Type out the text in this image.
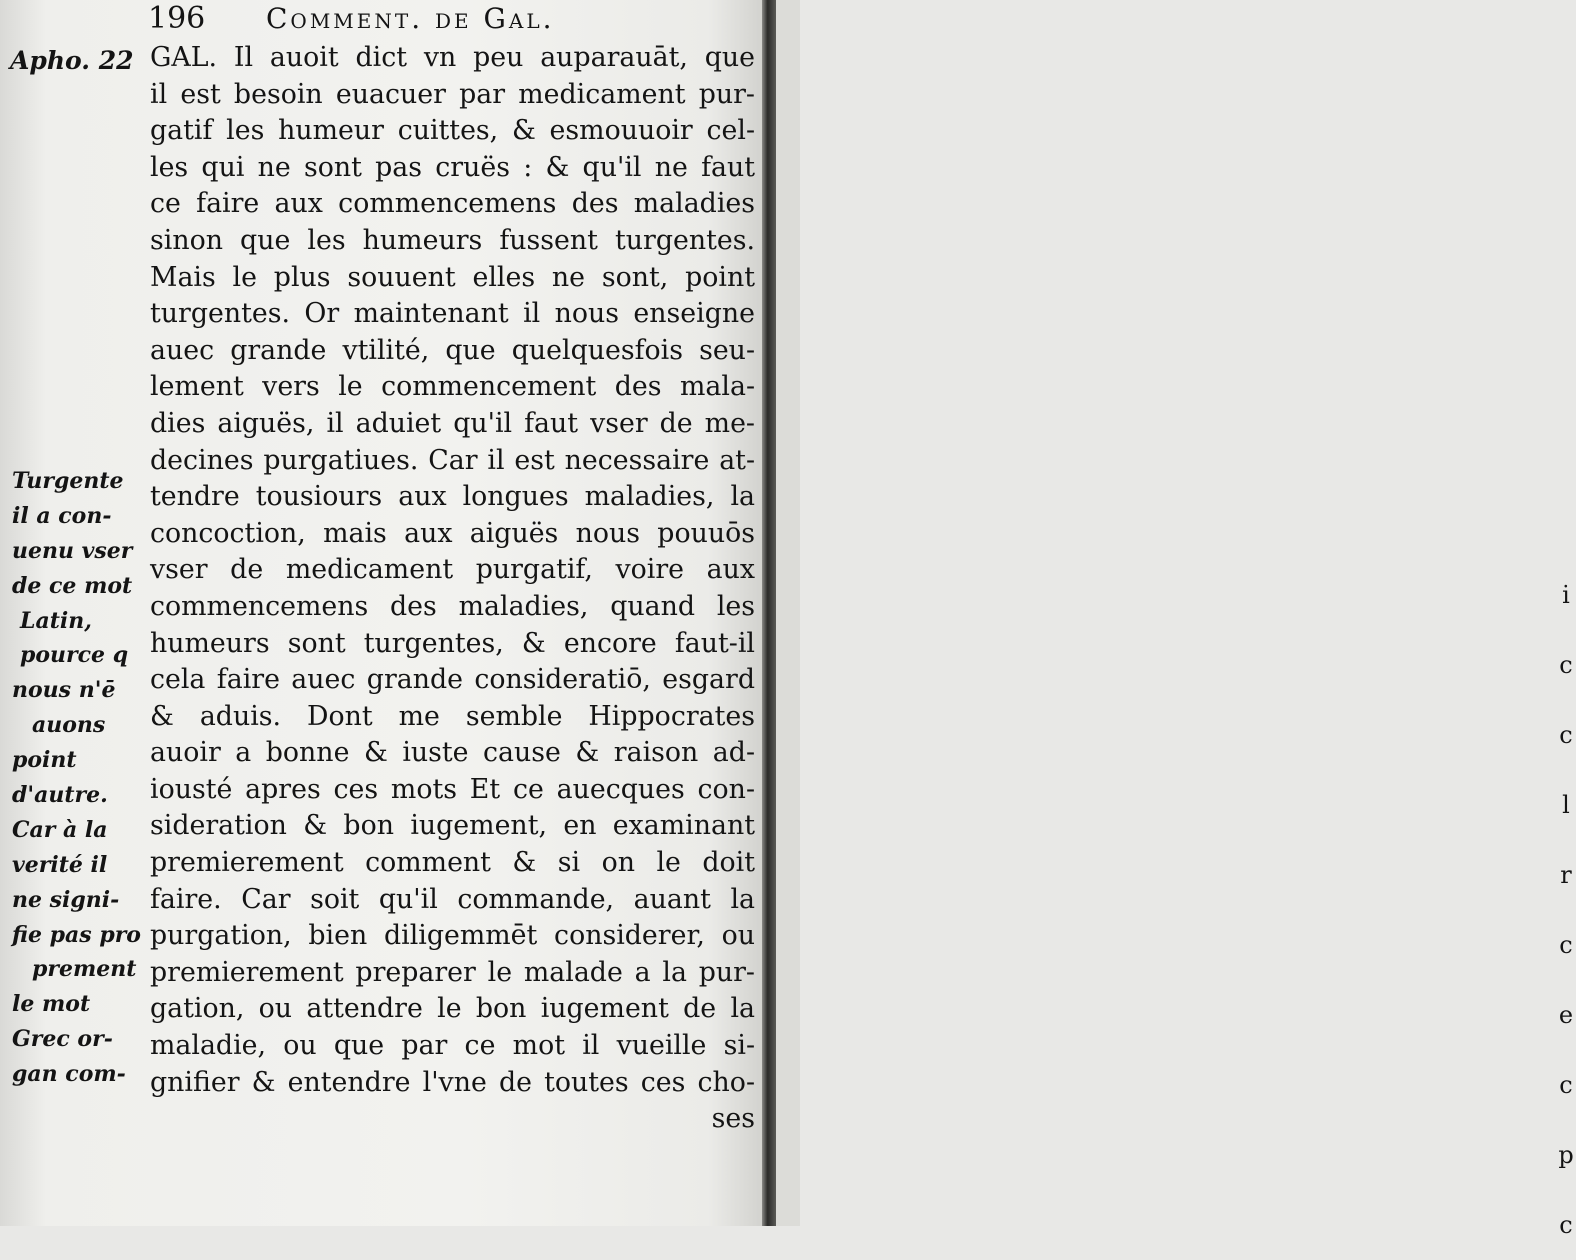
196 Comment. de Gal.
Apho. 22 GAL. Il auoit dict vn peu auparauāt, que
il est besoin euacuer par medicament pur-
gatif les humeur cuittes, & esmouuoir cel-
les qui ne sont pas cruës : & qu'il ne faut
ce faire aux commencemens des maladies
sinon que les humeurs fussent turgentes.
Mais le plus souuent elles ne sont, point
turgentes. Or maintenant il nous enseigne
auec grande vtilité, que quelquesfois seu-
lement vers le commencement des mala-
dies aiguës, il aduiet qu'il faut vser de me-
decines purgatiues. Car il est necessaire at-
tendre tousiours aux longues maladies, la
concoction, mais aux aiguës nous pouuōs
vser de medicament purgatif, voire aux
commencemens des maladies, quand les
humeurs sont turgentes, & encore faut-il
cela faire auec grande consideratiō, esgard
& aduis. Dont me semble Hippocrates
auoir a bonne & iuste cause & raison ad-
iousté apres ces mots Et ce auecques con-
sideration & bon iugement, en examinant
premierement comment & si on le doit
faire. Car soit qu'il commande, auant la
purgation, bien diligemmēt considerer, ou
premierement preparer le malade a la pur-
gation, ou attendre le bon iugement de la
maladie, ou que par ce mot il vueille si-
gnifier & entendre l'vne de toutes ces cho-
ses
Turgente
il a con-
uenu vser
de ce mot
Latin,
pource q
nous n'ē
auons
point
d'autre.
Car à la
verité il
ne signi-
fie pas pro
prement
le mot
Grec or-
gan com-
i
c
c
l
r
c
e
c
p
c
